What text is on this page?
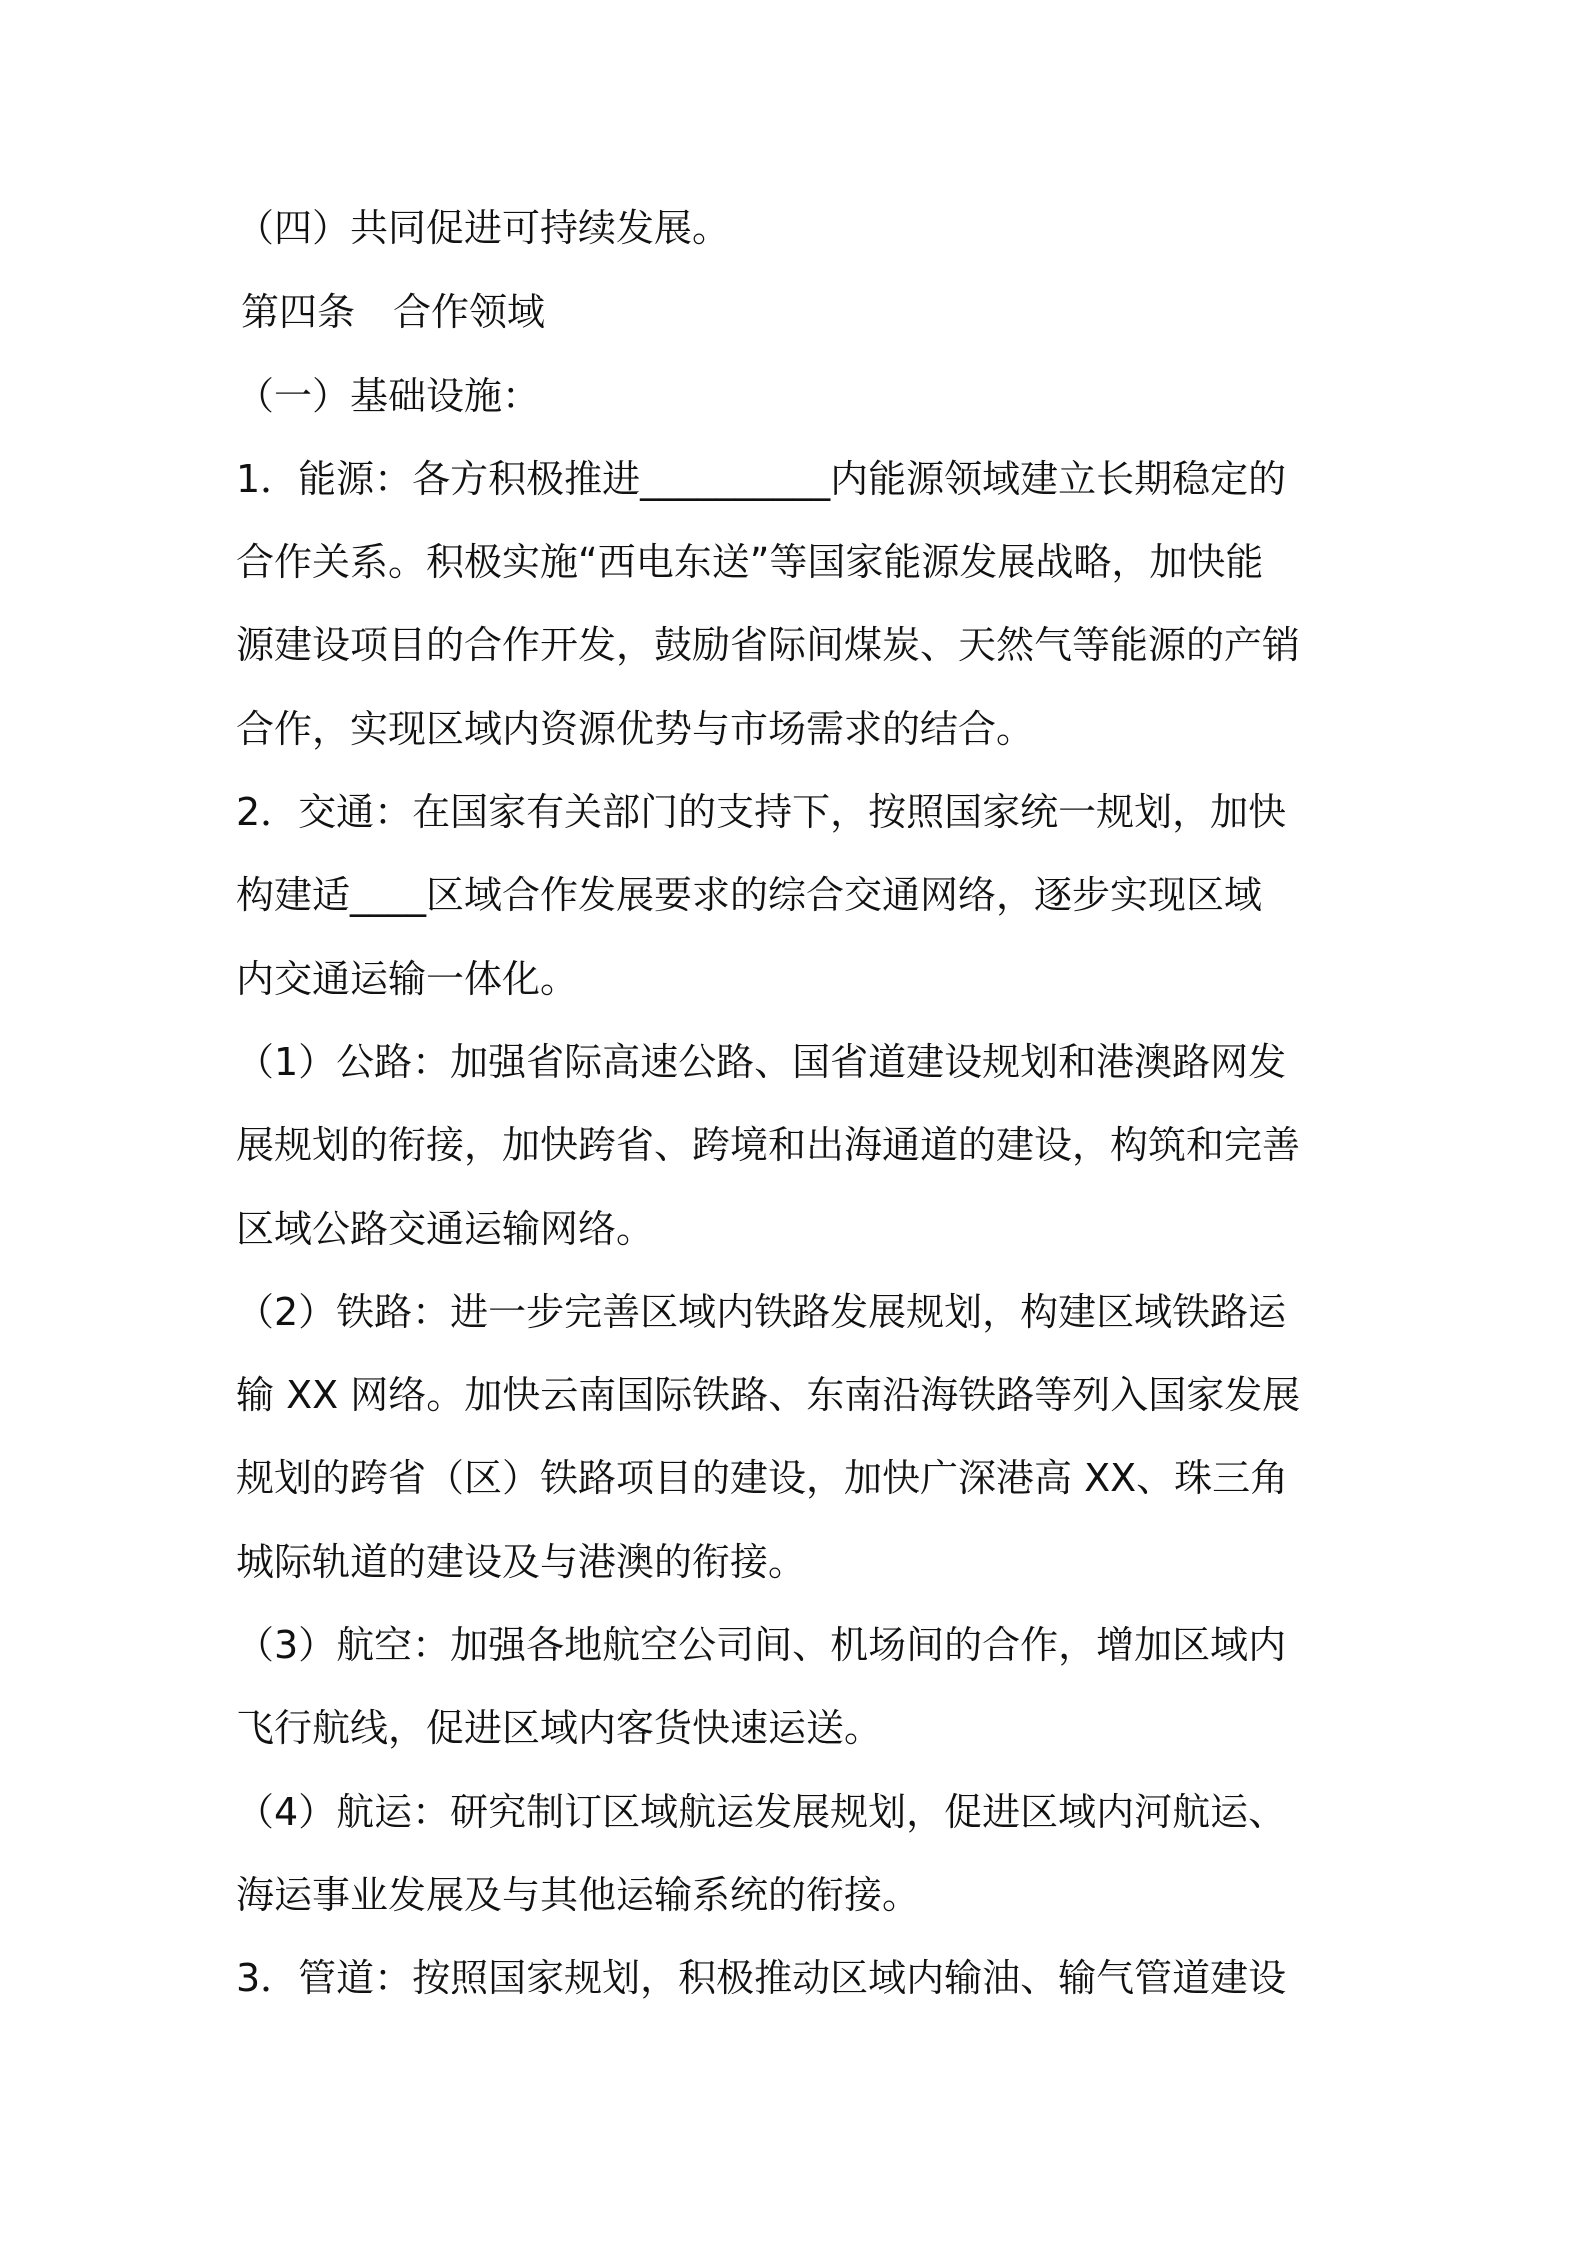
（四）共同促进可持续发展。

第四条　合作领域

（一）基础设施：

1．能源：各方积极推进__________内能源领域建立长期稳定的

合作关系。积极实施“西电东送”等国家能源发展战略，加快能

源建设项目的合作开发，鼓励省际间煤炭、天然气等能源的产销

合作，实现区域内资源优势与市场需求的结合。

2．交通：在国家有关部门的支持下，按照国家统一规划，加快

构建适____区域合作发展要求的综合交通网络，逐步实现区域

内交通运输一体化。

（1）公路：加强省际高速公路、国省道建设规划和港澳路网发

展规划的衔接，加快跨省、跨境和出海通道的建设，构筑和完善

区域公路交通运输网络。

（2）铁路：进一步完善区域内铁路发展规划，构建区域铁路运

输 XX 网络。加快云南国际铁路、东南沿海铁路等列入国家发展

规划的跨省（区）铁路项目的建设，加快广深港高 XX、珠三角

城际轨道的建设及与港澳的衔接。

（3）航空：加强各地航空公司间、机场间的合作，增加区域内

飞行航线，促进区域内客货快速运送。

（4）航运：研究制订区域航运发展规划，促进区域内河航运、

海运事业发展及与其他运输系统的衔接。

3．管道：按照国家规划，积极推动区域内输油、输气管道建设
